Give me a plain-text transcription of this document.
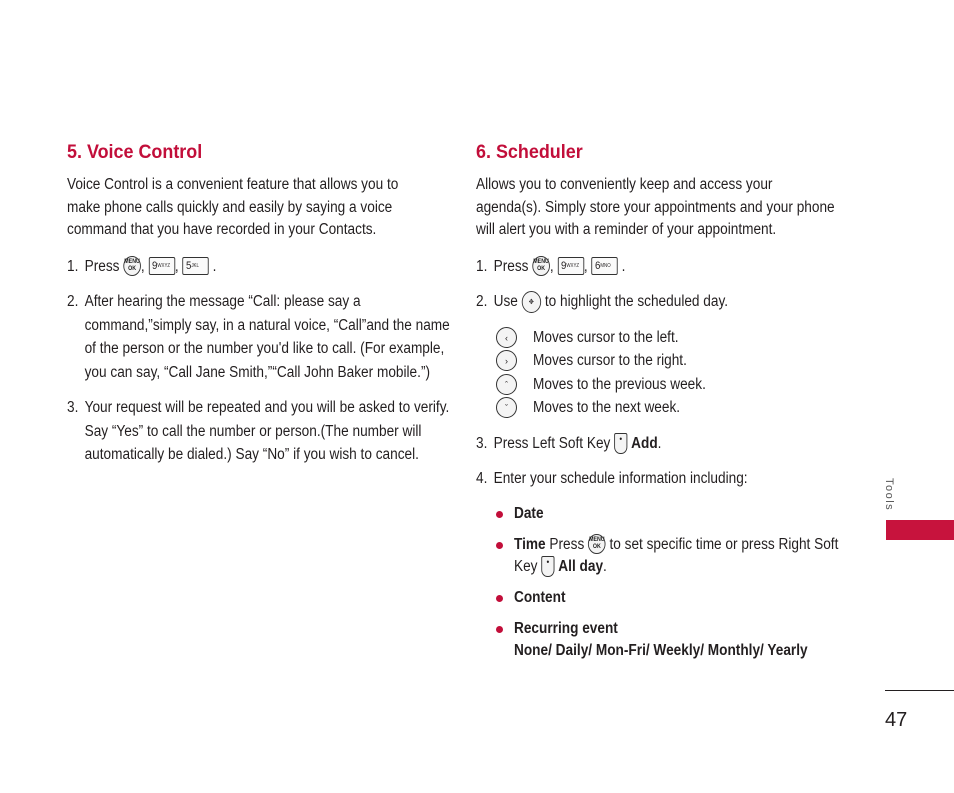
5. Voice Control

Voice Control is a convenient feature that allows you to make phone calls quickly and easily by saying a voice command that you have recorded in your Contacts.

1. Press MENU OK , 9WXYZ , 5JKL .
2. After hearing the message “Call: please say a command,”simply say, in a natural voice, “Call”and the name of the person or the number you'd like to call. (For example, you can say, “Call Jane Smith,”“Call John Baker mobile.”)
3. Your request will be repeated and you will be asked to verify. Say “Yes” to call the number or person.(The number will automatically be dialed.) Say “No” if you wish to cancel.
6. Scheduler

Allows you to conveniently keep and access your agenda(s). Simply store your appointments and your phone will alert you with a reminder of your appointment.

1. Press MENU OK , 9WXYZ , 6MNO .
2. Use ✥ to highlight the scheduled day.
‹	Moves cursor to the left.
›	Moves cursor to the right.
ˆ	Moves to the previous week.
ˇ	Moves to the next week.
3. Press Left Soft Key • Add.
4. Enter your schedule information including:
Date
Time Press MENU OK to set specific time or press Right Soft Key • All day.
Content
Recurring event
None/ Daily/ Mon-Fri/ Weekly/ Monthly/ Yearly
Tools
47
